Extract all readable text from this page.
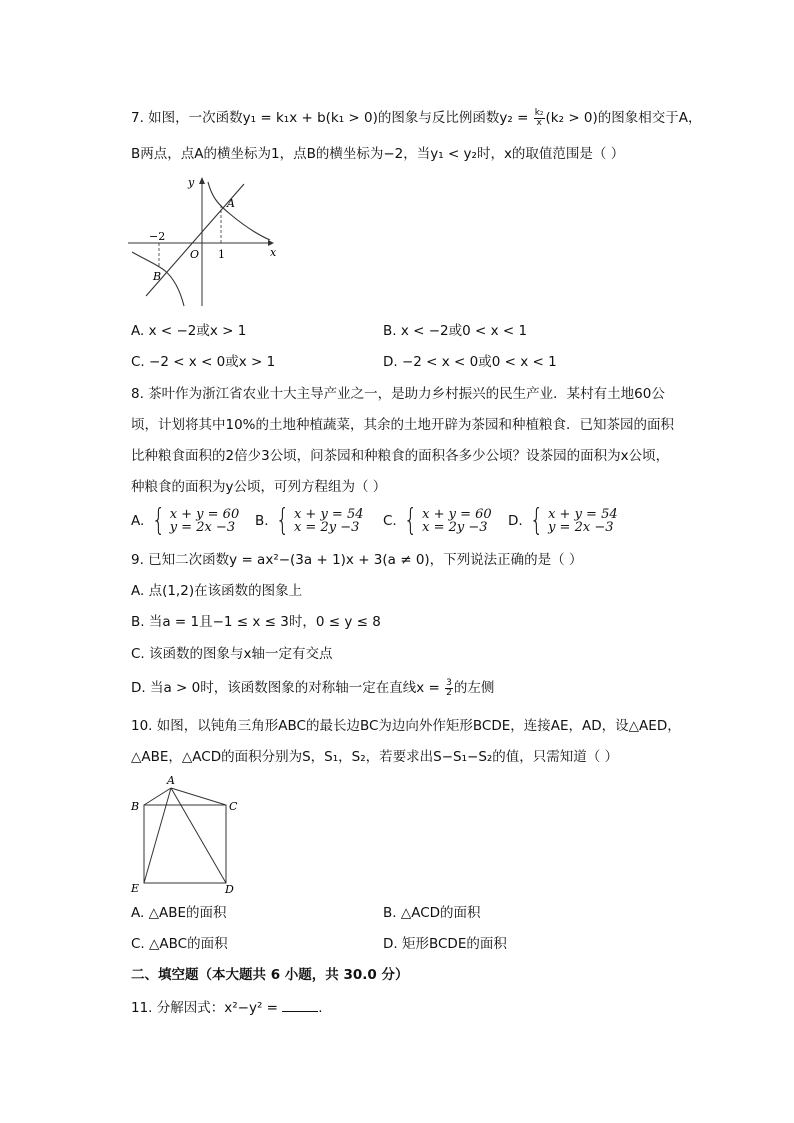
7. 如图，一次函数y₁ = k₁x + b(k₁ > 0)的图象与反比例函数$y_2 = \frac{\text{k₂}}{x} (k_2 > 0)$的图象相交于A，
B两点，点A的横坐标为1，点B的横坐标为−2，当y₁ < y₂时，x的取值范围是（ ）
y
x
O
A
B
−2
1
A. x < −2或x > 1	B. x < −2或0 < x < 1
C. −2 < x < 0或x > 1	D. −2 < x < 0或0 < x < 1
8. 茶叶作为浙江省农业十大主导产业之一，是助力乡村振兴的民生产业．某村有土地60公
顷，计划将其中10%的土地种植蔬菜，其余的土地开辟为茶园和种植粮食．已知茶园的面积
比种粮食面积的2倍少3公顷，问茶园和种粮食的面积各多少公顷？设茶园的面积为x公顷，
种粮食的面积为y公顷，可列方程组为（ ）
A. { x + y = 60
y = 2x −3	B. { x + y = 54
x = 2y −3	C. { x + y = 60
x = 2y −3	D. { x + y = 54
y = 2x −3
9. 已知二次函数y = ax²−(3a + 1)x + 3(a ≠ 0)，下列说法正确的是（ ）
A. 点(1,2)在该函数的图象上
B. 当a = 1且−1 ≤ x ≤ 3时，0 ≤ y ≤ 8
C. 该函数的图象与x轴一定有交点
D. 当a > 0时，该函数图象的对称轴一定在直线$x = \frac{3}{2}$ 的左侧
10. 如图，以钝角三角形ABC的最长边BC为边向外作矩形BCDE，连接AE，AD，设△AED，
△ABE，△ACD的面积分别为S，S₁，S₂，若要求出S−S₁−S₂的值，只需知道（ ）
A
B	C
D
E
A. △ABE的面积	B. △ACD的面积
C. △ABC的面积	D. 矩形BCDE的面积
二、填空题（本大题共 6 小题，共 30.0 分）
11. 分解因式：x²−y² =	.
